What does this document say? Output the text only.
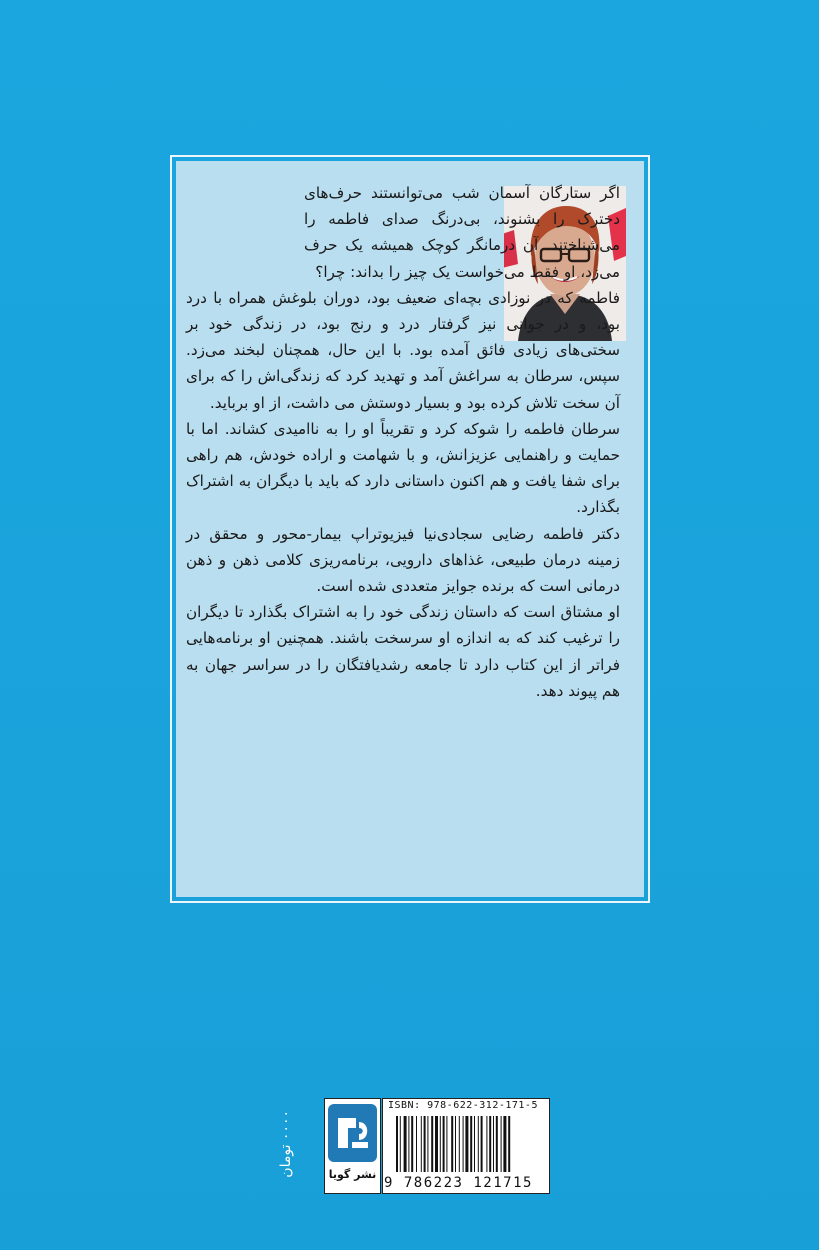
اگر ستارگان آسمان شب می‌توانستند حرف‌های دخترک را بشنوند، بی‌درنگ صدای فاطمه را می‌شناختند. آن درمانگر کوچک همیشه یک حرف می‌زد، او فقط می‌خواست یک چیز را بداند: چرا؟

فاطمه که در نوزادی بچه‌ای ضعیف بود، دوران بلوغش همراه با درد بود، و در جوانی نیز گرفتار درد و رنج بود، در زندگی خود بر سختی‌های زیادی فائق آمده بود. با این حال، همچنان لبخند می‌زد. سپس، سرطان به سراغش آمد و تهدید کرد که زندگی‌اش را که برای آن سخت تلاش کرده بود و بسیار دوستش می داشت، از او برباید.

سرطان فاطمه را شوکه کرد و تقریباً او را به ناامیدی کشاند. اما با حمایت و راهنمایی عزیزانش، و با شهامت و اراده خودش، هم راهی برای شفا یافت و هم اکنون داستانی دارد که باید با دیگران به اشتراک بگذارد.

دکتر فاطمه رضایی سجادی‌نیا فیزیوتراپ بیمار-محور و محقق در زمینه درمان طبیعی، غذاهای دارویی، برنامه‌ریزی کلامی ذهن و ذهن درمانی است که برنده جوایز متعددی شده است.

او مشتاق است که داستان زندگی خود را به اشتراک بگذارد تا دیگران را ترغیب کند که به اندازه او سرسخت باشند. همچنین او برنامه‌هایی فراتر از این کتاب دارد تا جامعه رشدیافتگان را در سراسر جهان به هم پیوند دهد.

ISBN: 978-622-312-171-5
9 786223 121715
نشر گویا
۰۰۰۰ تومان
